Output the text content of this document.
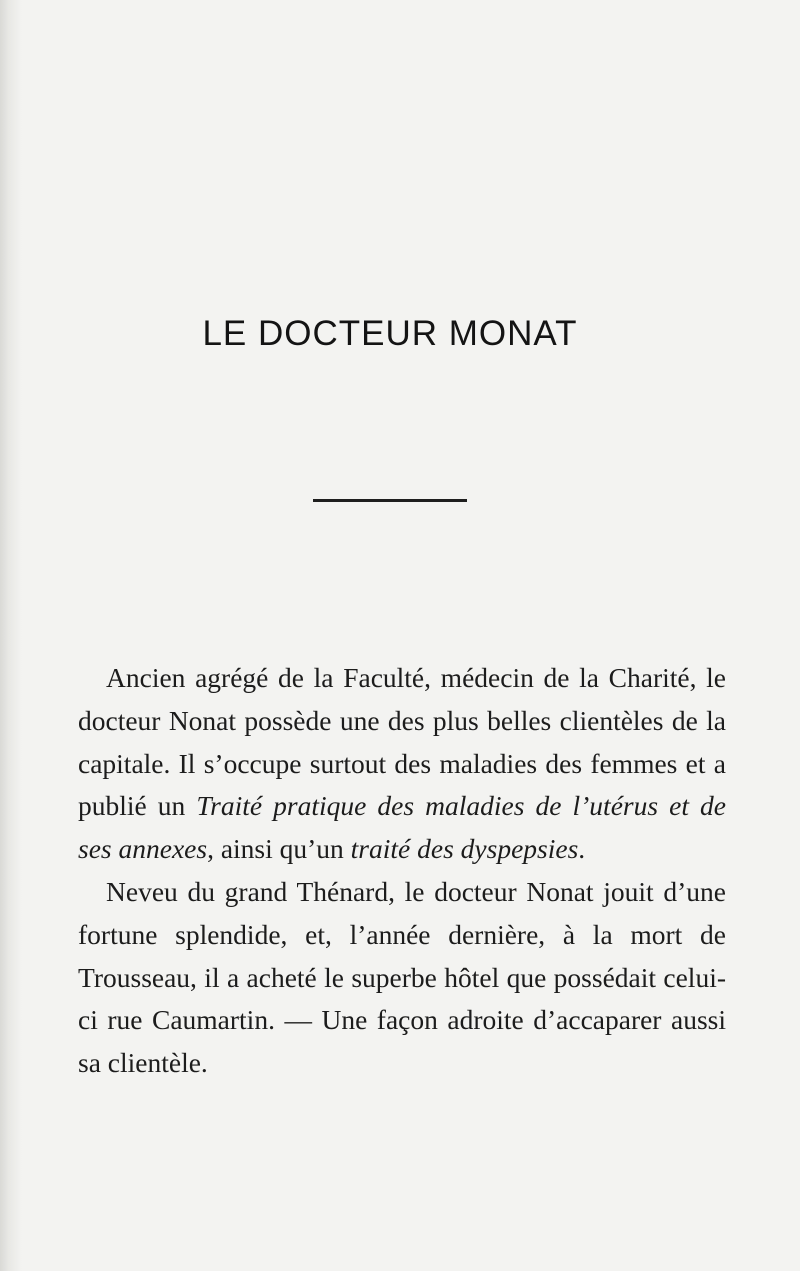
LE DOCTEUR MONAT

Ancien agrégé de la Faculté, médecin de la Charité, le docteur Nonat possède une des plus belles clientèles de la capitale. Il s’occupe surtout des maladies des femmes et a publié un Traité pratique des maladies de l’utérus et de ses annexes, ainsi qu’un traité des dyspepsies.

Neveu du grand Thénard, le docteur Nonat jouit d’une fortune splendide, et, l’année dernière, à la mort de Trousseau, il a acheté le superbe hôtel que possédait celui-ci rue Caumartin. — Une façon adroite d’accaparer aussi sa clientèle.
